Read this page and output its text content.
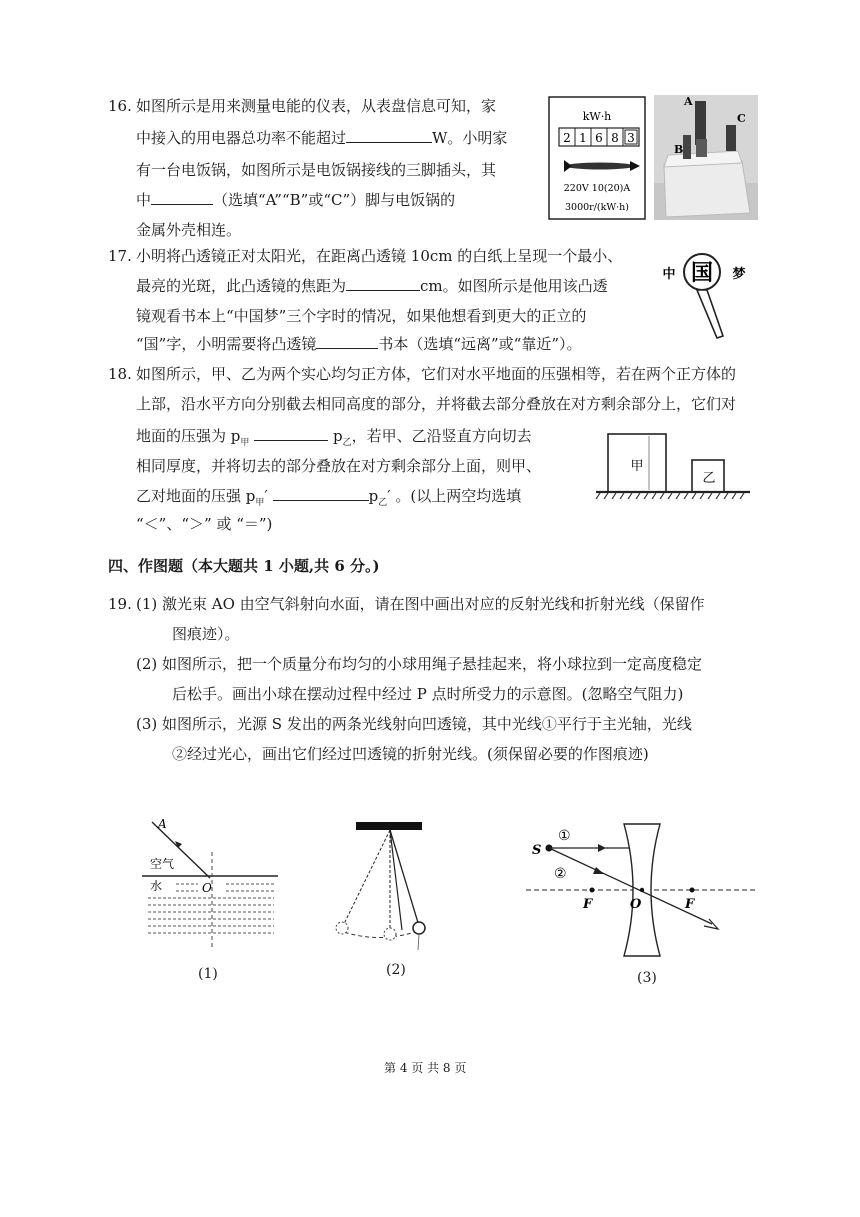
16. 如图所示是用来测量电能的仪表，从表盘信息可知，家
中接入的用电器总功率不能超过	W。小明家
有一台电饭锅，如图所示是电饭锅接线的三脚插头，其
中	（选填“A”“B”或“C”）脚与电饭锅的
金属外壳相连。
kW·h
2 1 6 8 3
220V 10(20)A
3000r/(kW·h)
A
B
C
17. 小明将凸透镜正对太阳光，在距离凸透镜 10cm 的白纸上呈现一个最小、
最亮的光斑，此凸透镜的焦距为	cm。如图所示是他用该凸透
镜观看书本上“中国梦”三个字时的情况，如果他想看到更大的正立的
“国”字，小明需要将凸透镜	书本（选填“远离”或“靠近”）。
中 国 梦
18. 如图所示，甲、乙为两个实心均匀正方体，它们对水平地面的压强相等，若在两个正方体的
上部，沿水平方向分别截去相同高度的部分，并将截去部分叠放在对方剩余部分上，它们对
地面的压强为 $p_甲$	$p_乙$，若甲、乙沿竖直方向切去
相同厚度，并将切去的部分叠放在对方剩余部分上面，则甲、
乙对地面的压强 $p_甲'$	$p_乙'$ 。(以上两空均选填
“＜”、“＞” 或 “＝”)
甲
乙
四、作图题（本大题共 1 小题,共 6 分。)
19. (1) 激光束 AO 由空气斜射向水面，请在图中画出对应的反射光线和折射光线（保留作
图痕迹）。
(2) 如图所示，把一个质量分布均匀的小球用绳子悬挂起来，将小球拉到一定高度稳定
后松手。画出小球在摆动过程中经过 P 点时所受力的示意图。(忽略空气阻力)
(3) 如图所示，光源 S 发出的两条光线射向凹透镜，其中光线①平行于主光轴，光线
②经过光心，画出它们经过凹透镜的折射光线。(须保留必要的作图痕迹)
A
空气
水	O
(1)	(2)
S
①
②
F	O	F
(3)
第 4 页 共 8 页
